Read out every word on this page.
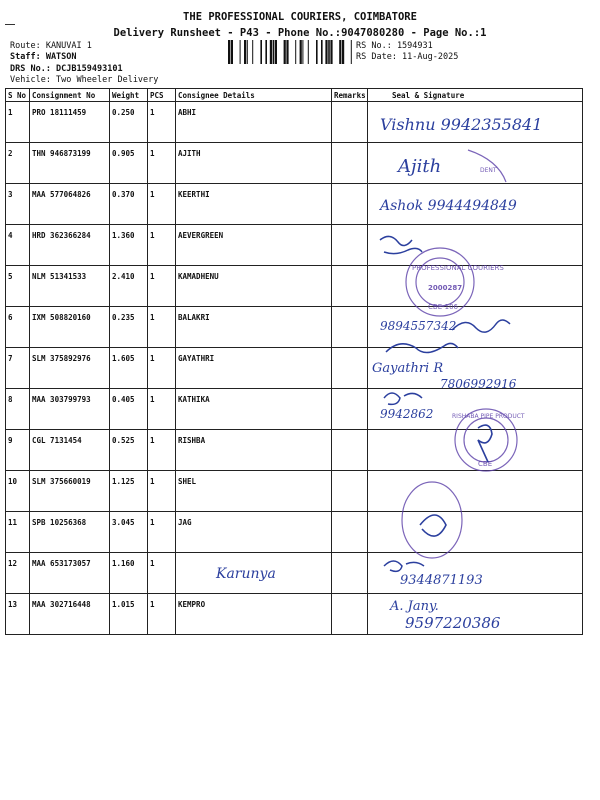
THE PROFESSIONAL COURIERS, COIMBATORE
Delivery Runsheet - P43 - Phone No.:9047080280 - Page No.:1
Route: KANUVAI 1
Staff: WATSON
DRS No.: DCJB159493101
Vehicle: Two Wheeler Delivery
RS No.: 1594931
RS Date: 11-Aug-2025
S No	Consignment No	Weight	PCS	Consignee Details	Remarks	Seal & Signature
1	PRO 18111459	0.250	1	ABHI		
2	THN 946873199	0.905	1	AJITH		
3	MAA 577064826	0.370	1	KEERTHI		
4	HRD 362366284	1.360	1	AEVERGREEN		
5	NLM 51341533	2.410	1	KAMADHENU		
6	IXM 508820160	0.235	1	BALAKRI		
7	SLM 375892976	1.605	1	GAYATHRI		
8	MAA 303799793	0.405	1	KATHIKA		
9	CGL 7131454	0.525	1	RISHBA		
10	SLM 375660019	1.125	1	SHEL		
11	SPB 10256368	3.045	1	JAG		
12	MAA 653173057	1.160	1			
13	MAA 302716448	1.015	1	KEMPRO		
PROFESSIONAL COURIERS
2000287
CBE-106
RISHABA PIPE PRODUCT
CBE
DENT
Vishnu 9942355841
Ajith
Ashok 9944494849
9894557342
Gayathri R
7806992916
9942862
Karunya	9344871193
A. Jany.
9597220386
